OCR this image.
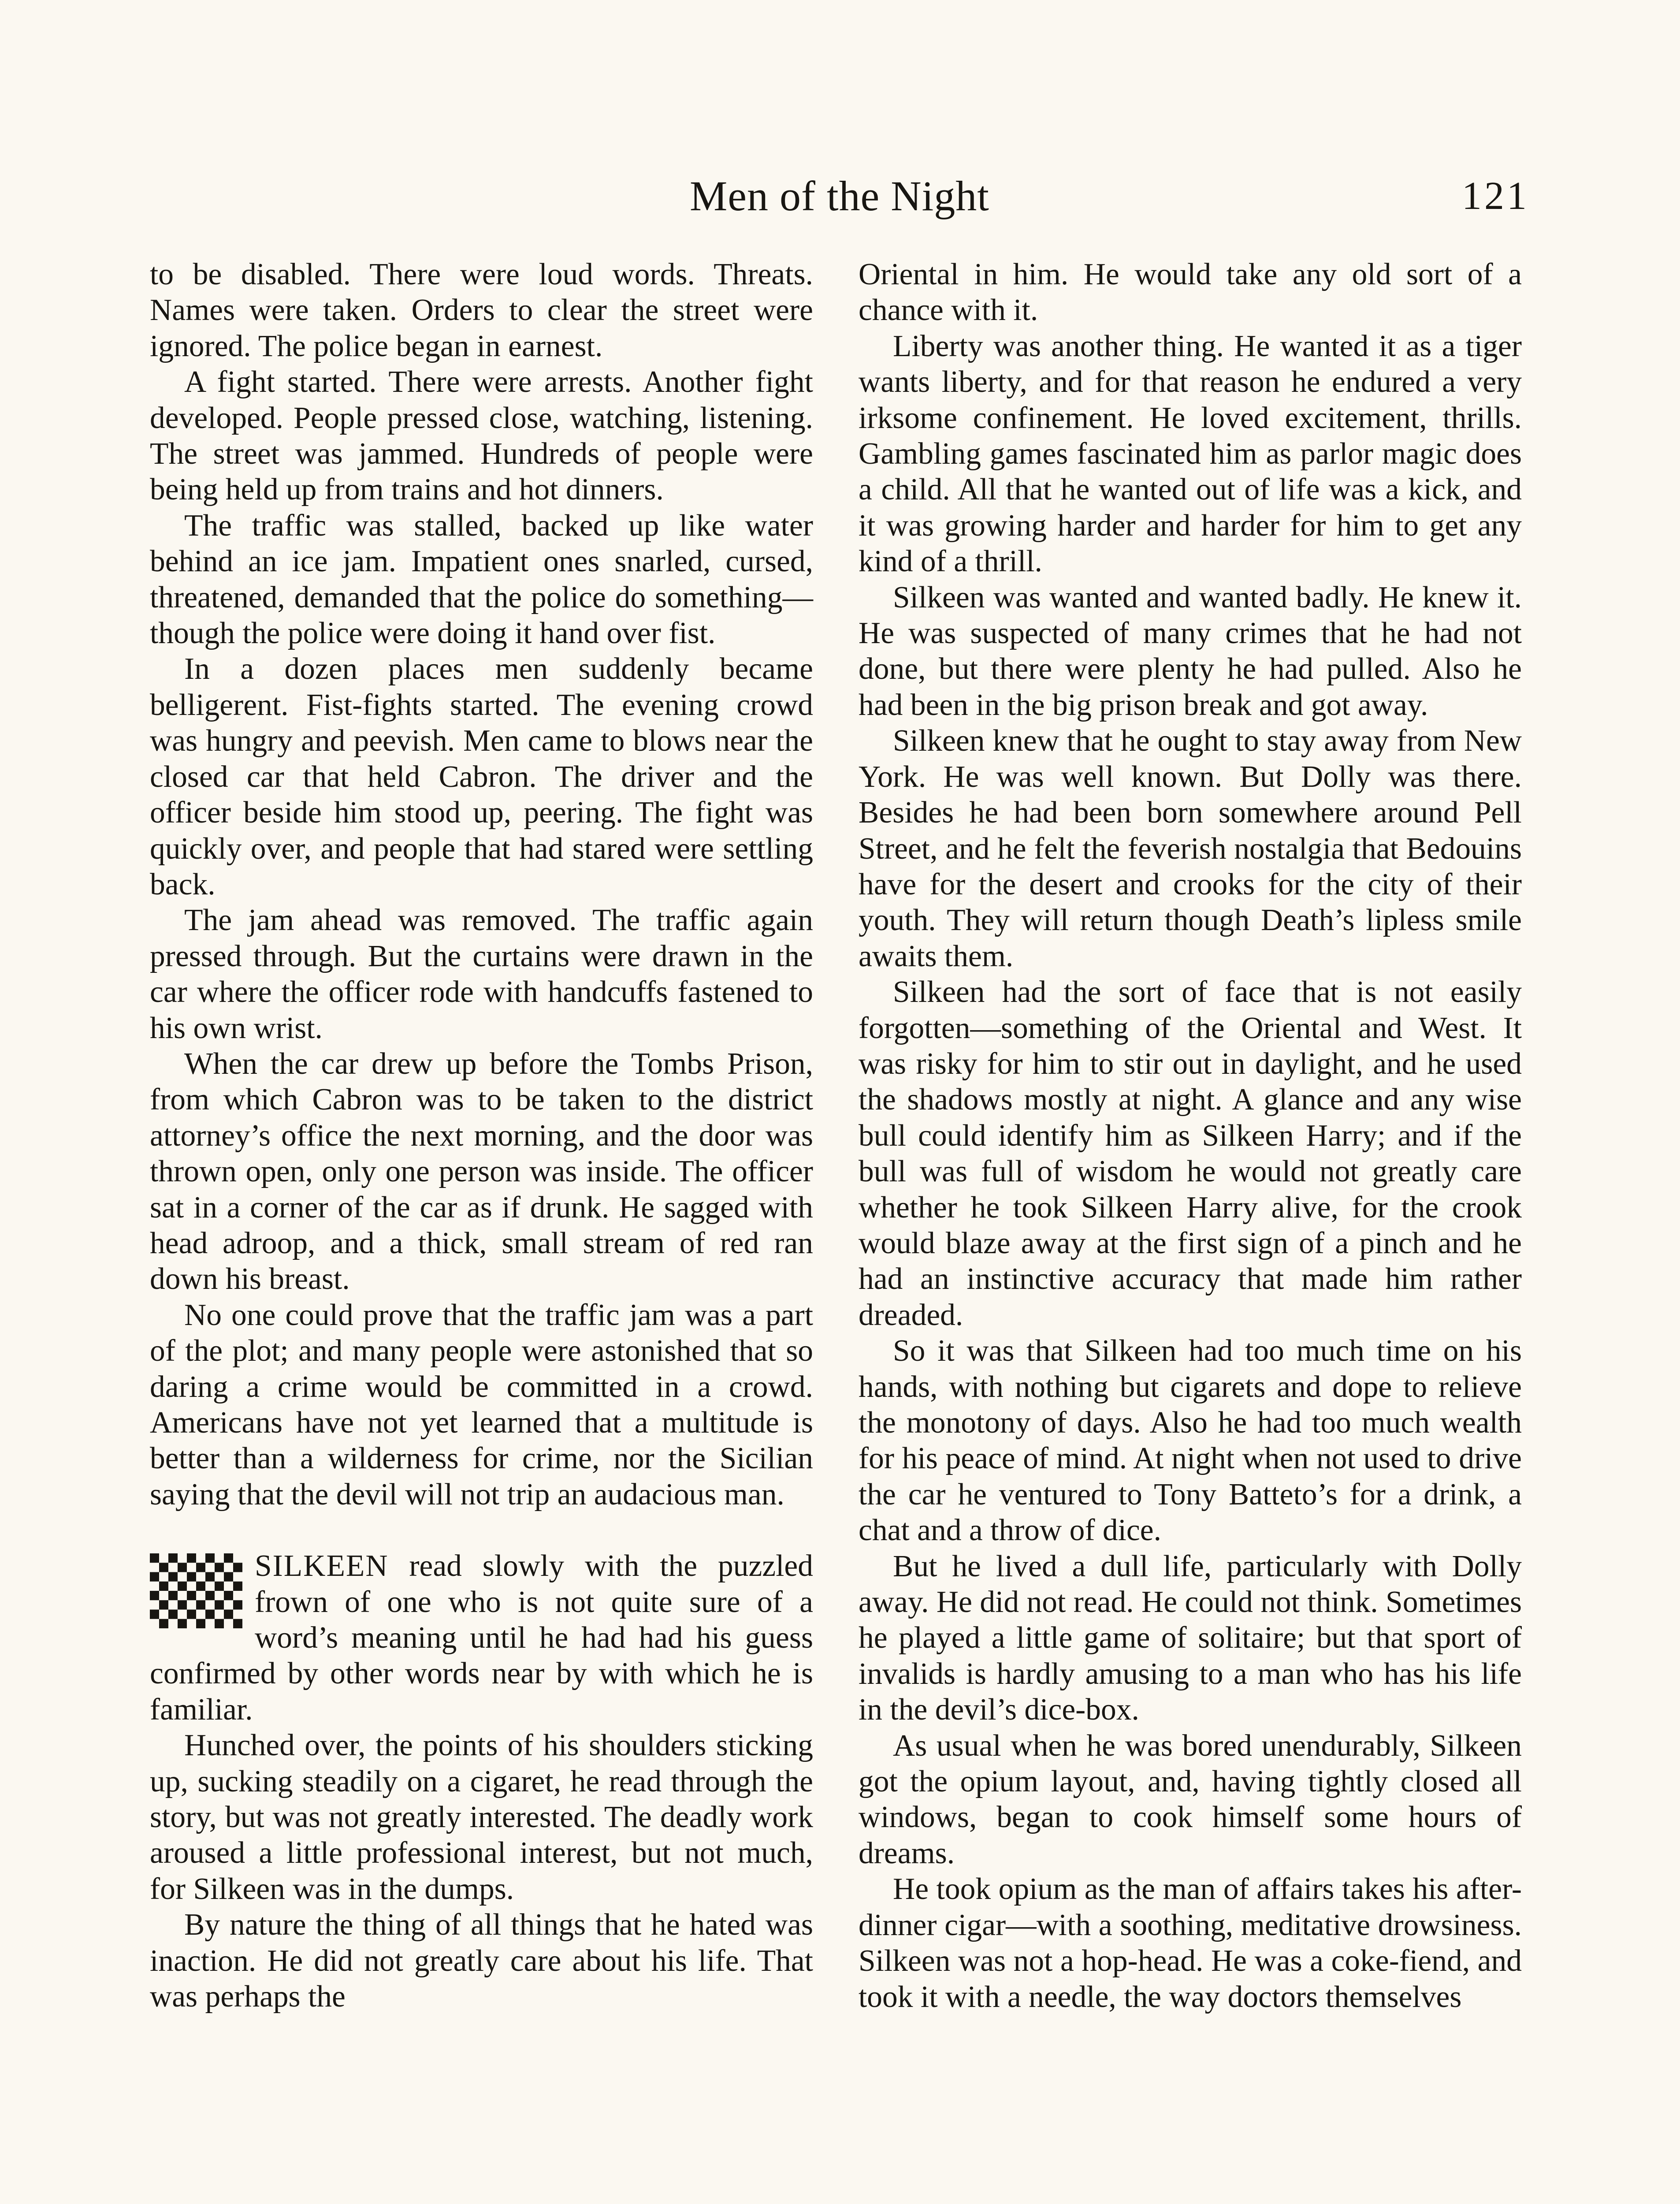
Men of the Night	121

to be disabled. There were loud words. Threats. Names were taken. Orders to clear the street were ignored. The police began in earnest.

A fight started. There were arrests. Another fight developed. People pressed close, watching, listening. The street was jammed. Hundreds of people were being held up from trains and hot dinners.

The traffic was stalled, backed up like water behind an ice jam. Impatient ones snarled, cursed, threatened, demanded that the police do something—though the police were doing it hand over fist.

In a dozen places men suddenly became belligerent. Fist-fights started. The evening crowd was hungry and peevish. Men came to blows near the closed car that held Cabron. The driver and the officer beside him stood up, peering. The fight was quickly over, and people that had stared were settling back.

The jam ahead was removed. The traffic again pressed through. But the curtains were drawn in the car where the officer rode with handcuffs fastened to his own wrist.

When the car drew up before the Tombs Prison, from which Cabron was to be taken to the district attorney’s office the next morning, and the door was thrown open, only one person was inside. The officer sat in a corner of the car as if drunk. He sagged with head adroop, and a thick, small stream of red ran down his breast.

No one could prove that the traffic jam was a part of the plot; and many people were astonished that so daring a crime would be committed in a crowd. Americans have not yet learned that a multitude is better than a wilderness for crime, nor the Sicilian saying that the devil will not trip an audacious man.

SILKEEN read slowly with the puzzled frown of one who is not quite sure of a word’s meaning until he had had his guess confirmed by other words near by with which he is familiar.

Hunched over, the points of his shoulders sticking up, sucking steadily on a cigaret, he read through the story, but was not greatly interested. The deadly work aroused a little professional interest, but not much, for Silkeen was in the dumps.

By nature the thing of all things that he hated was inaction. He did not greatly care about his life. That was perhaps the

Oriental in him. He would take any old sort of a chance with it.

Liberty was another thing. He wanted it as a tiger wants liberty, and for that reason he endured a very irksome confinement. He loved excitement, thrills. Gambling games fascinated him as parlor magic does a child. All that he wanted out of life was a kick, and it was growing harder and harder for him to get any kind of a thrill.

Silkeen was wanted and wanted badly. He knew it. He was suspected of many crimes that he had not done, but there were plenty he had pulled. Also he had been in the big prison break and got away.

Silkeen knew that he ought to stay away from New York. He was well known. But Dolly was there. Besides he had been born somewhere around Pell Street, and he felt the feverish nostalgia that Bedouins have for the desert and crooks for the city of their youth. They will return though Death’s lipless smile awaits them.

Silkeen had the sort of face that is not easily forgotten—something of the Oriental and West. It was risky for him to stir out in daylight, and he used the shadows mostly at night. A glance and any wise bull could identify him as Silkeen Harry; and if the bull was full of wisdom he would not greatly care whether he took Silkeen Harry alive, for the crook would blaze away at the first sign of a pinch and he had an instinctive accuracy that made him rather dreaded.

So it was that Silkeen had too much time on his hands, with nothing but cigarets and dope to relieve the monotony of days. Also he had too much wealth for his peace of mind. At night when not used to drive the car he ventured to Tony Batteto’s for a drink, a chat and a throw of dice.

But he lived a dull life, particularly with Dolly away. He did not read. He could not think. Sometimes he played a little game of solitaire; but that sport of invalids is hardly amusing to a man who has his life in the devil’s dice-box.

As usual when he was bored unendurably, Silkeen got the opium layout, and, having tightly closed all windows, began to cook himself some hours of dreams.

He took opium as the man of affairs takes his after-dinner cigar—with a soothing, meditative drowsiness. Silkeen was not a hop-head. He was a coke-fiend, and took it with a needle, the way doctors themselves
